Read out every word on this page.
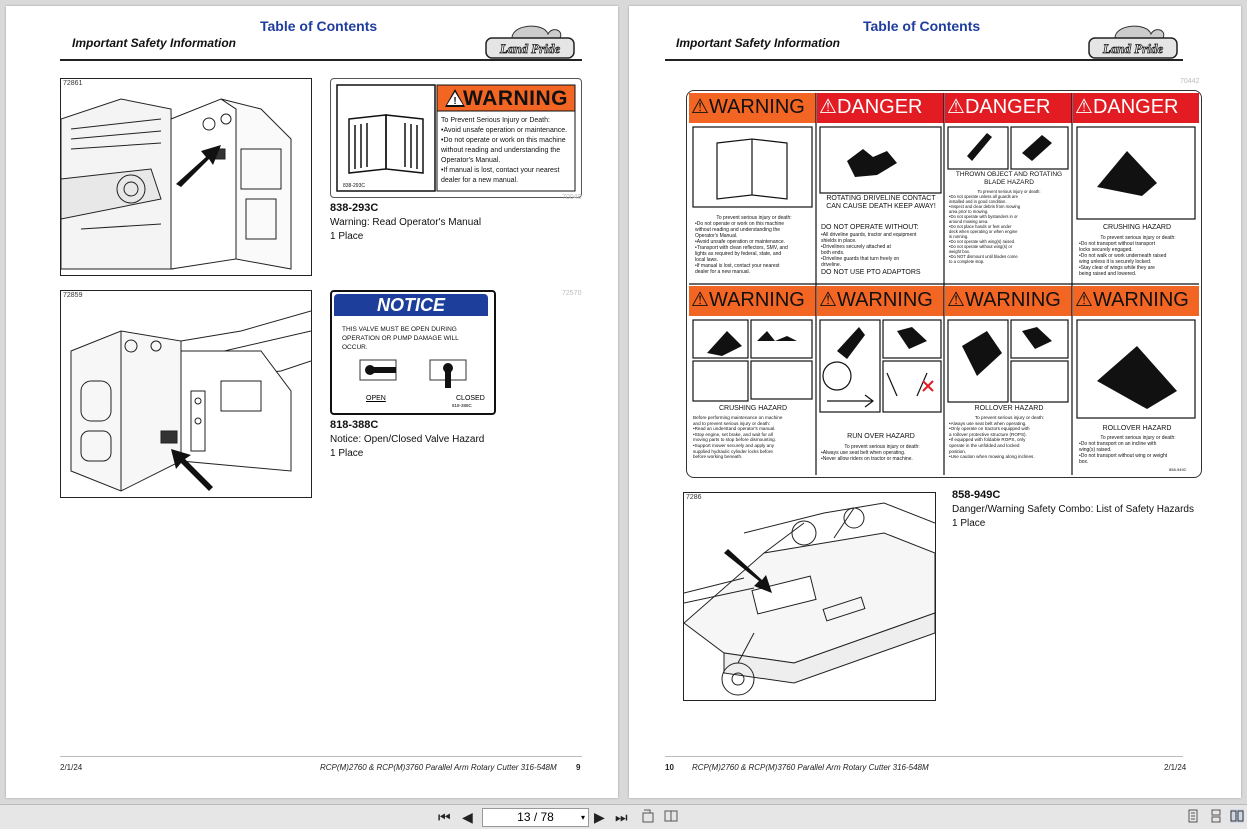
Table of Contents
Important Safety Information	Land Pride
72861
! WARNING
To Prevent Serious Injury or Death:
•Avoid unsafe operation or maintenance.
•Do not operate or work on this machine
without reading and understanding the
Operator's Manual.
•If manual is lost, contact your nearest
dealer for a new manual.
838-293C
70040
838-293C
Warning: Read Operator's Manual
1 Place
72859	NOTICE
THIS VALVE MUST BE OPEN DURING
OPERATION OR PUMP DAMAGE WILL
OCCUR.
OPEN	CLOSED
818-388C
72570
818-388C
Notice: Open/Closed Valve Hazard
1 Place
2/1/24	RCP(M)2760 & RCP(M)3760 Parallel Arm Rotary Cutter 316-548M 9
Table of Contents
Important Safety Information	Land Pride
70442
⚠WARNING ⚠DANGER	⚠DANGER	⚠DANGER
⚠WARNING ⚠WARNING ⚠WARNING ⚠WARNING
To prevent serious injury or death:
•Do not operate or work on this machine
without reading and understanding the
Operator's Manual.
•Avoid unsafe operation or maintenance.
•Transport with clean reflectors, SMV, and
lights as required by federal, state, and
local laws.
•If manual is lost, contact your nearest
dealer for a new manual.
ROTATING DRIVELINE CONTACT CAN CAUSE DEATH KEEP AWAY!
DO NOT OPERATE WITHOUT:
•All driveline guards, tractor and equipment
shields in place.
•Drivelines securely attached at
both ends.
•Driveline guards that turn freely on
driveline.
DO NOT USE PTO ADAPTORS
THROWN OBJECT AND ROTATING BLADE HAZARD
To prevent serious injury or death:
•Do not operate unless all guards are
installed and in good condition.
•Inspect and clear debris from mowing
area prior to mowing.
•Do not operate with bystanders in or
around mowing area.
•Do not place hands or feet under
deck when operating or when engine
is running.
•Do not operate with wing(s) raised.
•Do not operate without wing(s) or
weight box.
•Do NOT dismount until blades come
to a complete stop.
CRUSHING HAZARD
To prevent serious injury or death:
•Do not transport without transport
locks securely engaged.
•Do not walk or work underneath raised
wing unless it is securely locked.
•Stay clear of wings while they are
being raised and lowered.
CRUSHING HAZARD
Before performing maintenance on machine
and to prevent serious injury or death:
•Read an understand operator's manual.
•Stop engine, set brake, and wait for all
moving parts to stop before dismounting.
•Support mower securely and apply any
supplied hydraulic cylinder locks before
before working beneath.
RUN OVER HAZARD
To prevent serious injury or death:
•Always use seat belt when operating.
•Never allow riders on tractor or machine.
ROLLOVER HAZARD
To prevent serious injury or death:
•Always use seat belt when operating.
•Only operate on tractors equipped with
a rollover protective structure (ROPS).
•If equipped with foldable ROPS, only
operate in the unfolded and locked
position.
•Use caution when mowing along inclines.
ROLLOVER HAZARD
To prevent serious injury or death:
•Do not transport on an incline with
wing(s) raised.
•Do not transport without wing or weight
box.
858-949C
7286	858-949C
Danger/Warning Safety Combo: List of Safety Hazards
1 Place
10 RCP(M)2760 & RCP(M)3760 Parallel Arm Rotary Cutter 316-548M	2/1/24
⏮ ◀	13 / 78	▾ ▶ ⏭
